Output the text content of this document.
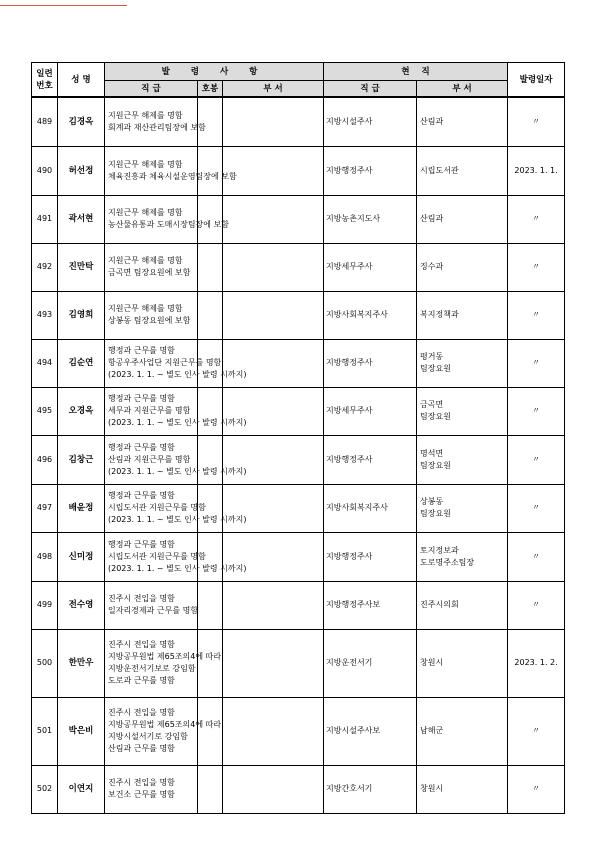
일련
번호	성 명	발 령 사 항			현    직		발령일자
		직 급	호봉	부 서	직 급	부 서	
489	김경옥	지원근무 해제를 명함
회계과 재산관리팀장에 보함			지방시설주사	산림과	〃
490	허선정	지원근무 해제를 명함
체육진흥과 체육시설운영팀장에 보함			지방행정주사	시립도서관	2023. 1. 1.
491	곽서현	지원근무 해제를 명함
농산물유통과 도매시장팀장에 보함			지방농촌지도사	산림과	〃
492	진만탁	지원근무 해제를 명함
금곡면 팀장요원에 보함			지방세무주사	징수과	〃
493	김영희	지원근무 해제를 명함
상봉동 팀장요원에 보함			지방사회복지주사	복지정책과	〃
494	김순연	행정과 근무를 명함
항공우주사업단 지원근무를 명함
(2023. 1. 1. ~ 별도 인사 발령 시까지)			지방행정주사	평거동
팀장요원	〃
495	오경옥	행정과 근무를 명함
세무과 지원근무를 명함
(2023. 1. 1. ~ 별도 인사 발령 시까지)			지방세무주사	금곡면
팀장요원	〃
496	김창근	행정과 근무를 명함
산림과 지원근무를 명함
(2023. 1. 1. ~ 별도 인사 발령 시까지)			지방행정주사	명석면
팀장요원	〃
497	배윤정	행정과 근무를 명함
시립도서관 지원근무를 명함
(2023. 1. 1. ~ 별도 인사 발령 시까지)			지방사회복지주사	상봉동
팀장요원	〃
498	신미정	행정과 근무를 명함
시립도서관 지원근무를 명함
(2023. 1. 1. ~ 별도 인사 발령 시까지)			지방행정주사	토지정보과
도로명주소팀장	〃
499	전수영	진주시 전입을 명함
일자리경제과 근무를 명함			지방행정주사보	진주시의회	〃
500	한만우	진주시 전입을 명함
지방공무원법 제65조의4에 따라
지방운전서기보로 강임함
도로과 근무를 명함			지방운전서기	창원시	2023. 1. 2.
501	박은비	진주시 전입을 명함
지방공무원법 제65조의4에 따라
지방시설서기로 강임함
산림과 근무를 명함			지방시설주사보	남해군	〃
502	이연지	진주시 전입을 명함
보건소 근무를 명함			지방간호서기	창원시	〃
